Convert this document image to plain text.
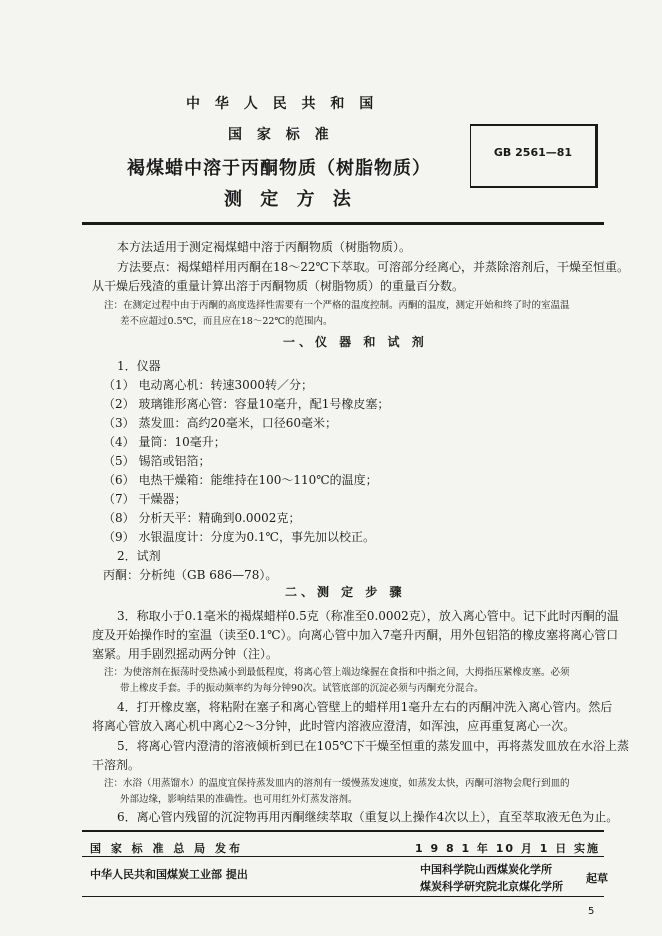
中 华 人 民 共 和 国
国 家 标 准
褐煤蜡中溶于丙酮物质（树脂物质）
测 定 方 法
GB 2561—81
本方法适用于测定褐煤蜡中溶于丙酮物质（树脂物质）。
方法要点：褐煤蜡样用丙酮在18～22℃下萃取。可溶部分经离心，并蒸除溶剂后，干燥至恒重。
从干燥后残渣的重量计算出溶于丙酮物质（树脂物质）的重量百分数。
注：在测定过程中由于丙酮的高度选择性需要有一个严格的温度控制。丙酮的温度，测定开始和终了时的室温温
差不应超过0.5℃，而且应在18～22℃的范围内。
一、仪 器 和 试 剂
1．仪器
（1） 电动离心机：转速3000转／分；
（2） 玻璃锥形离心管：容量10毫升，配1号橡皮塞；
（3） 蒸发皿：高约20毫米，口径60毫米；
（4） 量筒：10毫升；
（5） 锡箔或铝箔；
（6） 电热干燥箱：能维持在100～110℃的温度；
（7） 干燥器；
（8） 分析天平：精确到0.0002克；
（9） 水银温度计：分度为0.1℃，事先加以校正。
2．试剂
丙酮：分析纯（GB 686—78）。
二、测 定 步 骤
3．称取小于0.1毫米的褐煤蜡样0.5克（称准至0.0002克），放入离心管中。记下此时丙酮的温
度及开始操作时的室温（读至0.1℃）。向离心管中加入7毫升丙酮，用外包铝箔的橡皮塞将离心管口
塞紧。用手剧烈摇动两分钟（注）。
注：为使溶剂在振荡时受热减小到最低程度，将离心管上端边缘握在食指和中指之间，大拇指压紧橡皮塞。必须
带上橡皮手套。手的振动频率约为每分钟90次。试管底部的沉淀必须与丙酮充分混合。
4．打开橡皮塞，将粘附在塞子和离心管壁上的蜡样用1毫升左右的丙酮冲洗入离心管内。然后
将离心管放入离心机中离心2～3分钟，此时管内溶液应澄清，如浑浊，应再重复离心一次。
5．将离心管内澄清的溶液倾析到已在105℃下干燥至恒重的蒸发皿中，再将蒸发皿放在水浴上蒸
干溶剂。
注：水浴（用蒸馏水）的温度宜保持蒸发皿内的溶剂有一缓慢蒸发速度，如蒸发太快，丙酮可溶物会爬行到皿的
外部边缘，影响结果的准确性。也可用红外灯蒸发溶剂。
6．离心管内残留的沉淀物再用丙酮继续萃取（重复以上操作4次以上），直至萃取液无色为止。
国 家 标 准 总 局 发布	1 9 8 1 年 10 月 1 日 实施
中华人民共和国煤炭工业部 提出	中国科学院山西煤炭化学所
起草
煤炭科学研究院北京煤化学所
5
